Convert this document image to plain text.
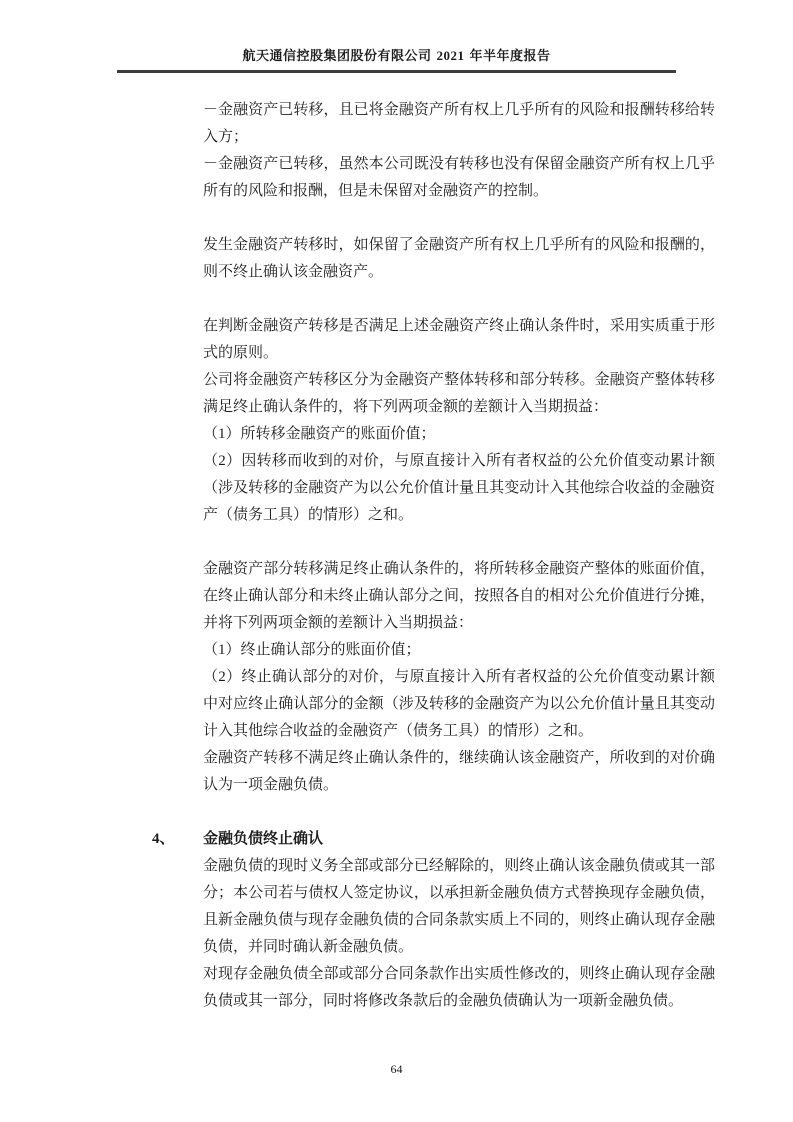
航天通信控股集团股份有限公司 2021 年半年度报告

－金融资产已转移，且已将金融资产所有权上几乎所有的风险和报酬转移给转入方；

－金融资产已转移，虽然本公司既没有转移也没有保留金融资产所有权上几乎所有的风险和报酬，但是未保留对金融资产的控制。

发生金融资产转移时，如保留了金融资产所有权上几乎所有的风险和报酬的，则不终止确认该金融资产。

在判断金融资产转移是否满足上述金融资产终止确认条件时，采用实质重于形式的原则。

公司将金融资产转移区分为金融资产整体转移和部分转移。金融资产整体转移满足终止确认条件的，将下列两项金额的差额计入当期损益：

（1）所转移金融资产的账面价值；

（2）因转移而收到的对价，与原直接计入所有者权益的公允价值变动累计额（涉及转移的金融资产为以公允价值计量且其变动计入其他综合收益的金融资产（债务工具）的情形）之和。

金融资产部分转移满足终止确认条件的，将所转移金融资产整体的账面价值，在终止确认部分和未终止确认部分之间，按照各自的相对公允价值进行分摊，并将下列两项金额的差额计入当期损益：

（1）终止确认部分的账面价值；

（2）终止确认部分的对价，与原直接计入所有者权益的公允价值变动累计额中对应终止确认部分的金额（涉及转移的金融资产为以公允价值计量且其变动计入其他综合收益的金融资产（债务工具）的情形）之和。

金融资产转移不满足终止确认条件的，继续确认该金融资产，所收到的对价确认为一项金融负债。

4、 金融负债终止确认

金融负债的现时义务全部或部分已经解除的，则终止确认该金融负债或其一部分；本公司若与债权人签定协议，以承担新金融负债方式替换现存金融负债，且新金融负债与现存金融负债的合同条款实质上不同的，则终止确认现存金融负债，并同时确认新金融负债。

对现存金融负债全部或部分合同条款作出实质性修改的，则终止确认现存金融负债或其一部分，同时将修改条款后的金融负债确认为一项新金融负债。

64
